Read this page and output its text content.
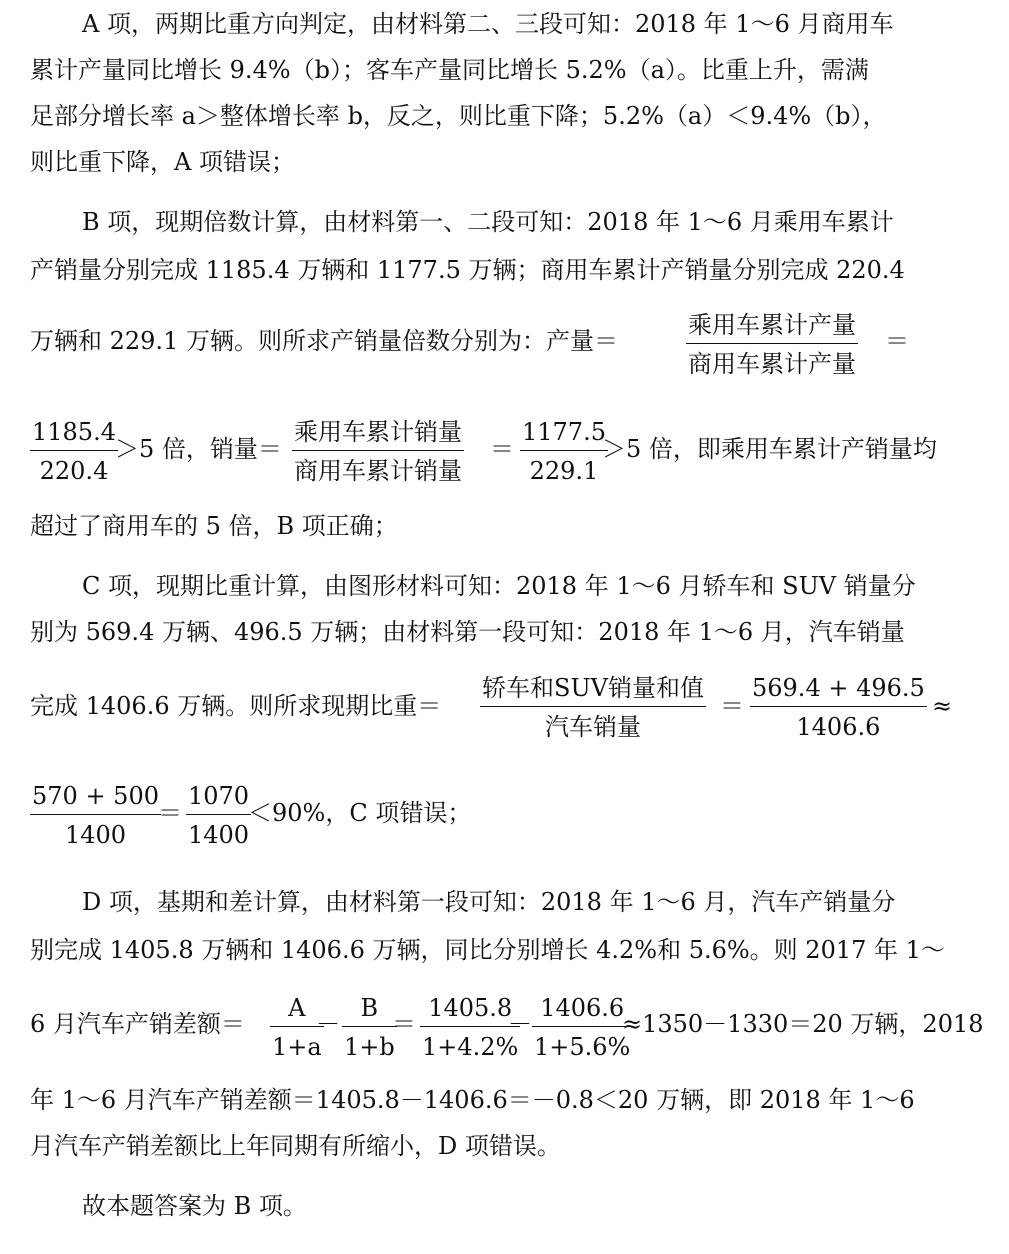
A 项，两期比重方向判定，由材料第二、三段可知：2018 年 1～6 月商用车
累计产量同比增长 9.4%（b）；客车产量同比增长 5.2%（a）。比重上升，需满
足部分增长率 a＞整体增长率 b，反之，则比重下降；5.2%（a）＜9.4%（b），
则比重下降，A 项错误；
B 项，现期倍数计算，由材料第一、二段可知：2018 年 1～6 月乘用车累计
产销量分别完成 1185.4 万辆和 1177.5 万辆；商用车累计产销量分别完成 220.4
万辆和 229.1 万辆。则所求产销量倍数分别为：产量＝
乘用车累计产量
商用车累计产量
＝
$\frac{1185.4}{220.4}$
＞5 倍，销量＝
乘用车累计销量
商用车累计销量
＝ $\frac{1177.5}{229.1}$
＞5 倍，即乘用车累计产销量均
超过了商用车的 5 倍，B 项正确；
C 项，现期比重计算，由图形材料可知：2018 年 1～6 月轿车和 SUV 销量分
别为 569.4 万辆、496.5 万辆；由材料第一段可知：2018 年 1～6 月，汽车销量
完成 1406.6 万辆。则所求现期比重＝
轿车和SUV销量和值
汽车销量
＝ $\frac{569.4 + 496.5}{1406.6}$ ≈
$\frac{570 + 500}{1400}$
＝ $\frac{1070}{1400}$
＜90%，C 项错误；
D 项，基期和差计算，由材料第一段可知：2018 年 1～6 月，汽车产销量分
别完成 1405.8 万辆和 1406.6 万辆，同比分别增长 4.2%和 5.6%。则 2017 年 1～
6 月汽车产销差额＝ $\frac{A}{1+a}$
－ $\frac{B}{1+b}$
＝ $\frac{1405.8}{1+4.2\%}$
－ $\frac{1406.6}{1+5.6\%}$
≈1350－1330＝20 万辆，2018
年 1～6 月汽车产销差额＝1405.8－1406.6＝－0.8＜20 万辆，即 2018 年 1～6
月汽车产销差额比上年同期有所缩小，D 项错误。
故本题答案为 B 项。
